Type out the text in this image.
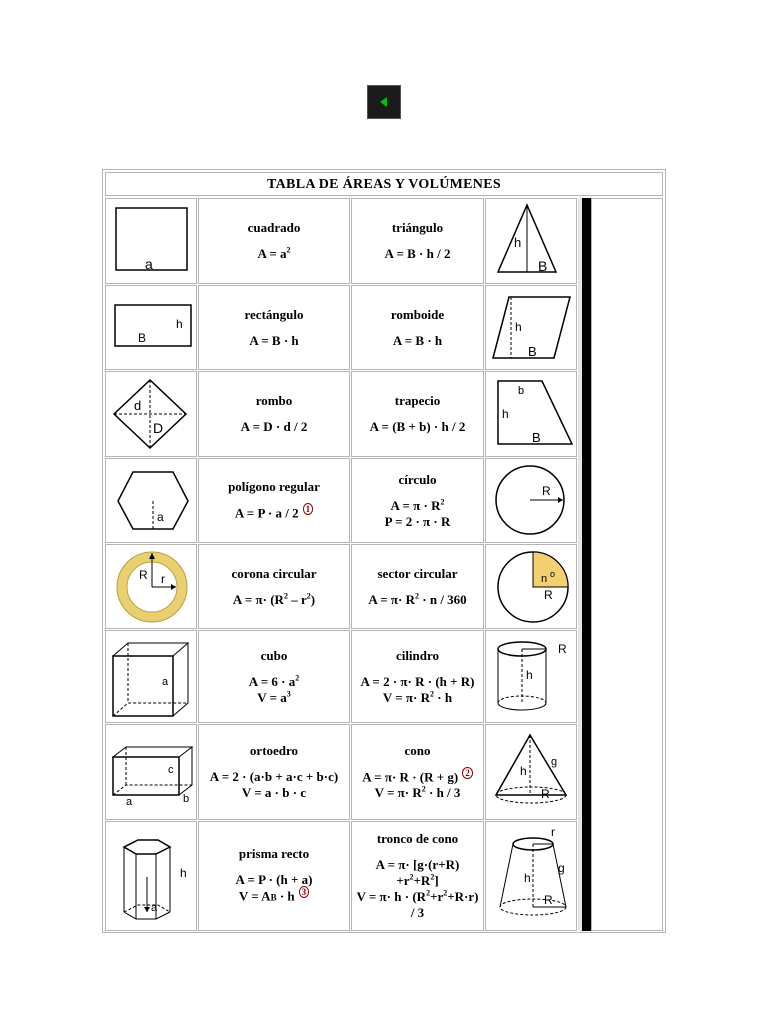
TABLA DE ÁREAS Y VOLÚMENES
a
cuadrado
$A = a^2$
triángulo
A = B · h / 2
h
B
h
B
rectángulo
A = B · h
romboide
A = B · h
h
B
d
D
rombo
A = D · d / 2
trapecio
A = (B + b) · h / 2
b
h
B
a
polígono regular
A = P · a / 2 $^1$
círculo
$A = \pi \cdot R^2$
P = 2 · π · R
R
R r	corona circular
$A = \pi\cdot (R^2 - r^2)$
sector circular
$A = \pi\cdot R^2 \cdot n / 360$
n o
R
a
cubo
$A = 6 \cdot a^2$
$V = a^3$
cilindro
A = 2 · π· R · (h + R)
$V = \pi\cdot R^2 \cdot h$
R
h
c
a	b
ortoedro
A = 2 · (a·b + a·c + b·c)
V = a · b · c
cono
A = π· R · (R + g) $^2$
$V = \pi\cdot R^2 \cdot h / 3$
g
h
R
h
a
prisma recto
A = P · (h + a)
V = AB · h $^3$
tronco de cono
$A = \pi\cdot [g\cdot(r+R) +r^2+R^2]$
$V = \pi\cdot h \cdot (R^2+r^2+R\cdot r) / 3$
r
h
g
R
